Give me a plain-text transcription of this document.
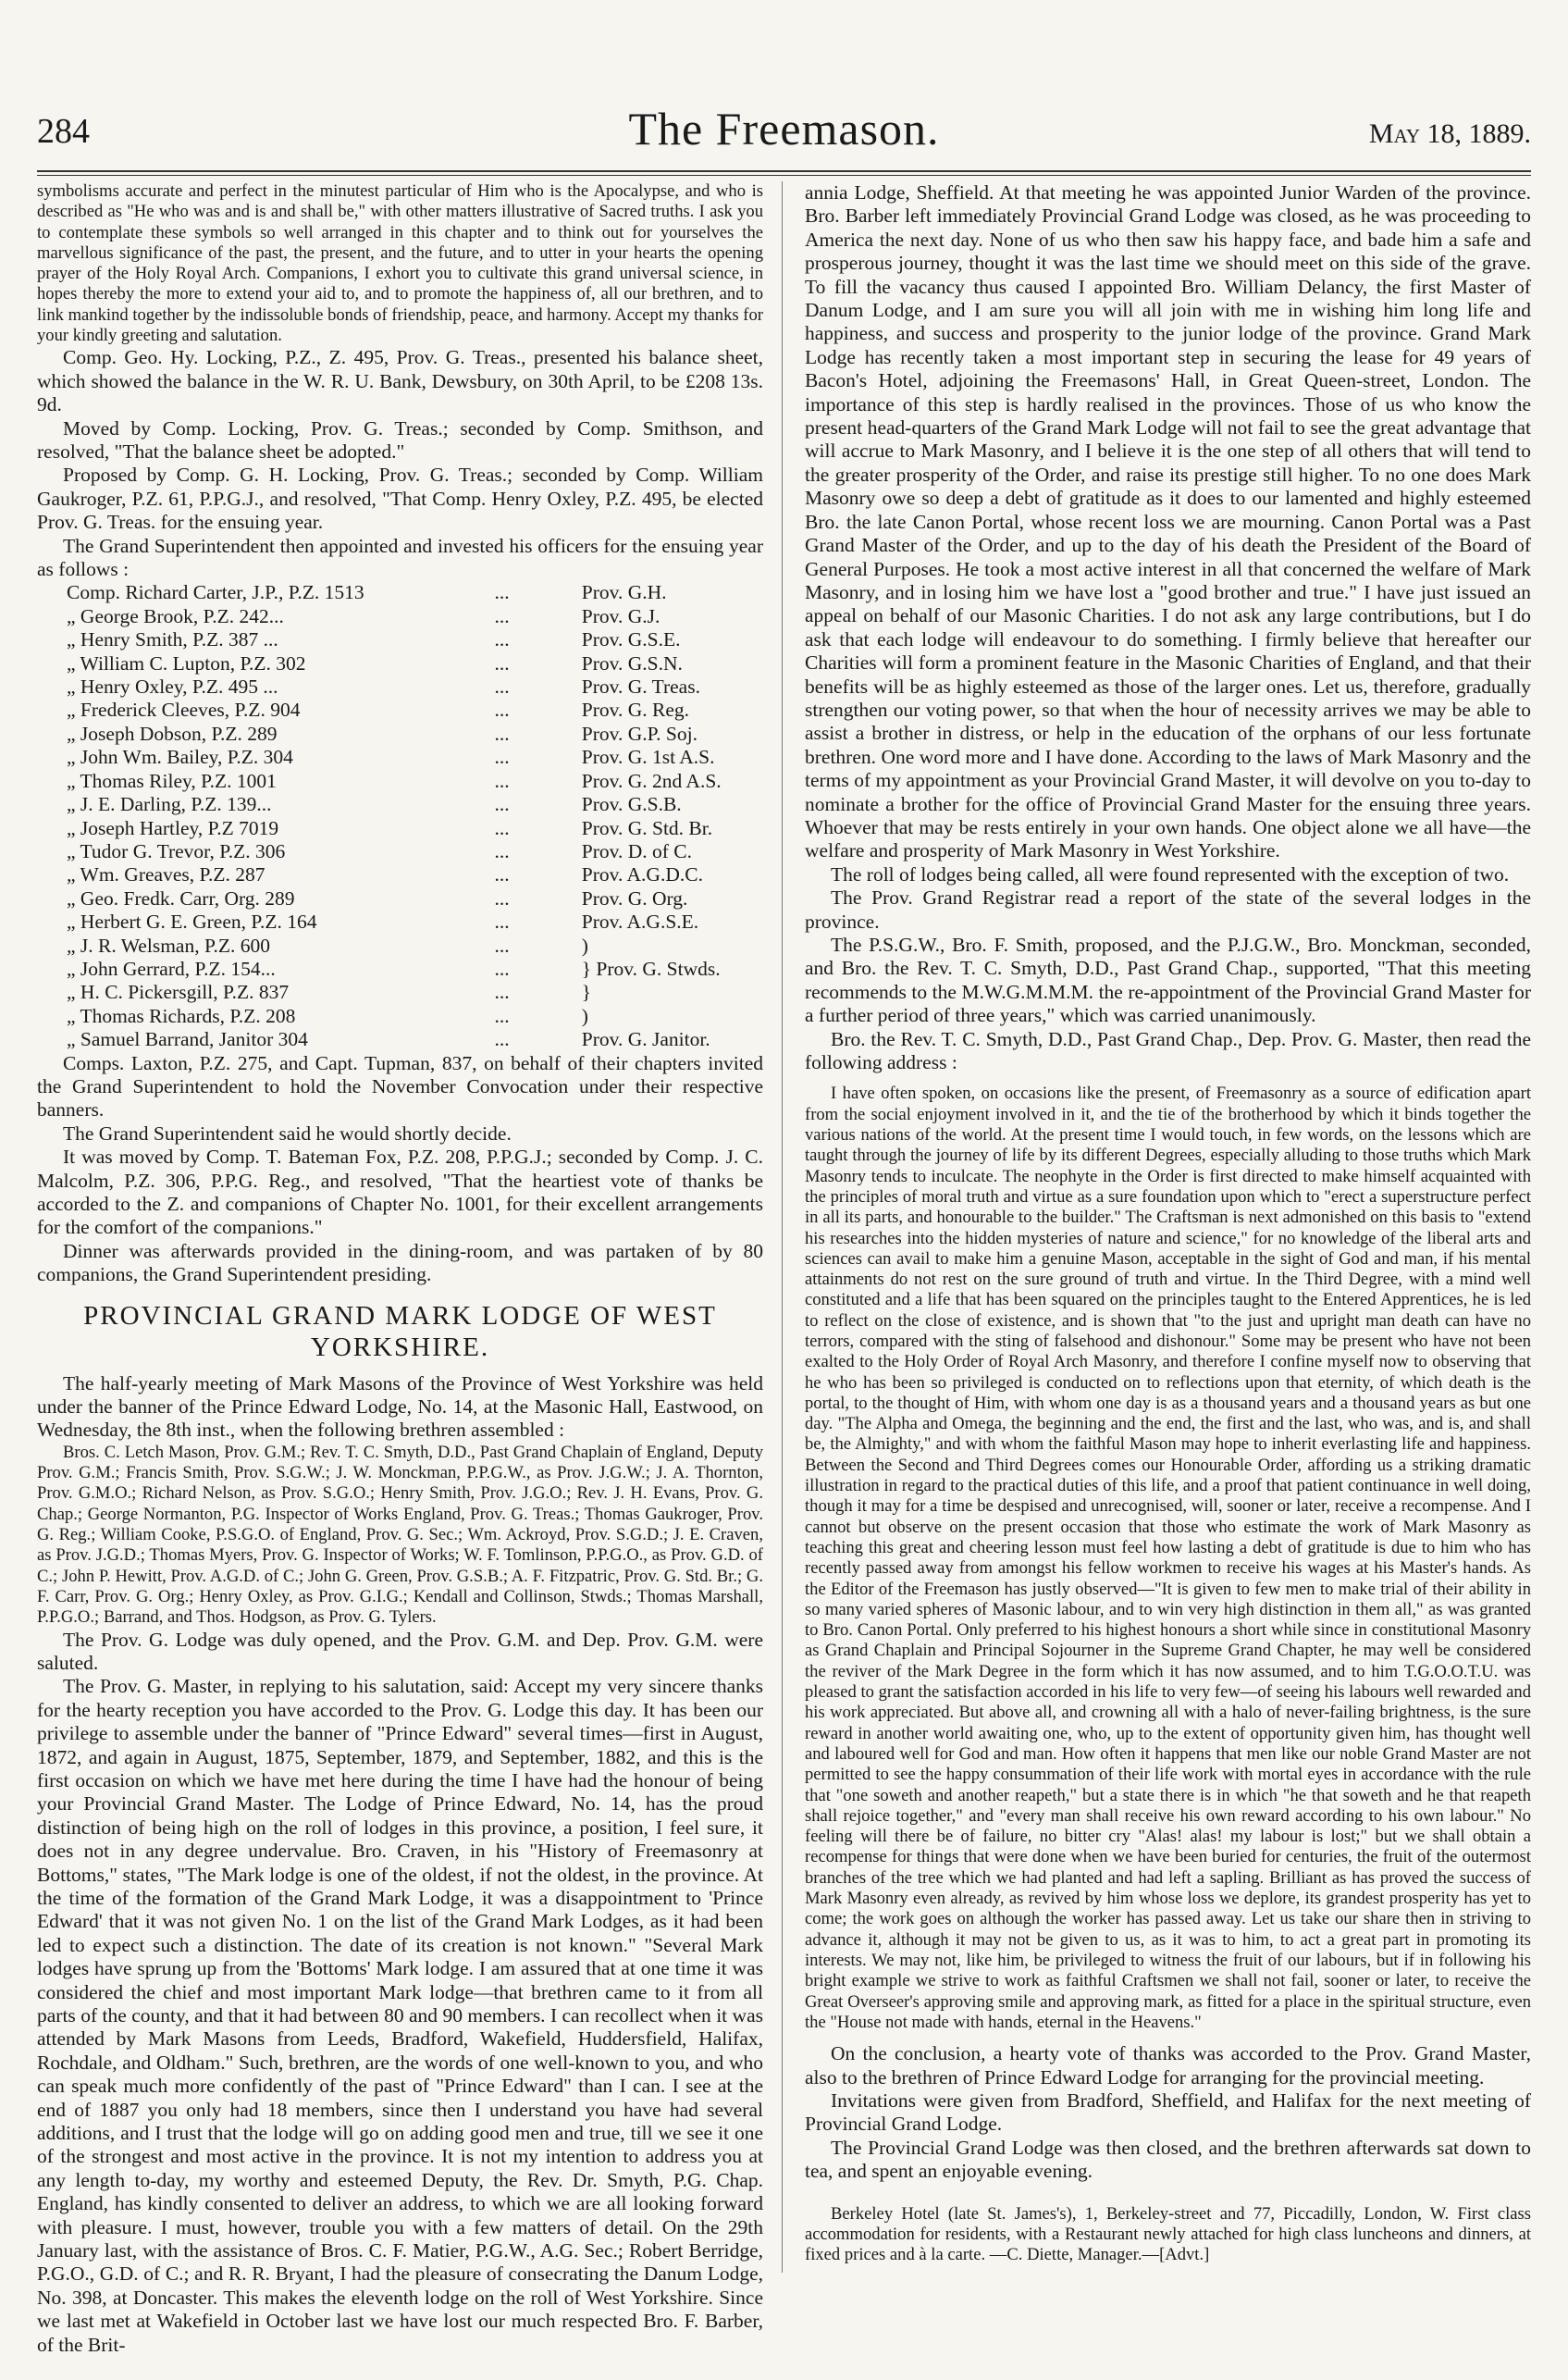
284	The Freemason.	May 18, 1889.

symbolisms accurate and perfect in the minutest particular of Him who is the Apocalypse, and who is described as "He who was and is and shall be," with other matters illustrative of Sacred truths. I ask you to contemplate these symbols so well arranged in this chapter and to think out for yourselves the marvellous significance of the past, the present, and the future, and to utter in your hearts the opening prayer of the Holy Royal Arch. Companions, I exhort you to cultivate this grand universal science, in hopes thereby the more to extend your aid to, and to promote the happiness of, all our brethren, and to link mankind together by the indissoluble bonds of friendship, peace, and harmony. Accept my thanks for your kindly greeting and salutation.

Comp. Geo. Hy. Locking, P.Z., Z. 495, Prov. G. Treas., presented his balance sheet, which showed the balance in the W. R. U. Bank, Dewsbury, on 30th April, to be £208 13s. 9d.

Moved by Comp. Locking, Prov. G. Treas.; seconded by Comp. Smithson, and resolved, "That the balance sheet be adopted."

Proposed by Comp. G. H. Locking, Prov. G. Treas.; seconded by Comp. William Gaukroger, P.Z. 61, P.P.G.J., and resolved, "That Comp. Henry Oxley, P.Z. 495, be elected Prov. G. Treas. for the ensuing year.

The Grand Superintendent then appointed and invested his officers for the ensuing year as follows :

Comp. Richard Carter, J.P., P.Z. 1513	...	Prov. G.H.
„ George Brook, P.Z. 242...	...	Prov. G.J.
„ Henry Smith, P.Z. 387 ...	...	Prov. G.S.E.
„ William C. Lupton, P.Z. 302	...	Prov. G.S.N.
„ Henry Oxley, P.Z. 495 ...	...	Prov. G. Treas.
„ Frederick Cleeves, P.Z. 904	...	Prov. G. Reg.
„ Joseph Dobson, P.Z. 289	...	Prov. G.P. Soj.
„ John Wm. Bailey, P.Z. 304	...	Prov. G. 1st A.S.
„ Thomas Riley, P.Z. 1001	...	Prov. G. 2nd A.S.
„ J. E. Darling, P.Z. 139...	...	Prov. G.S.B.
„ Joseph Hartley, P.Z 7019	...	Prov. G. Std. Br.
„ Tudor G. Trevor, P.Z. 306	...	Prov. D. of C.
„ Wm. Greaves, P.Z. 287	...	Prov. A.G.D.C.
„ Geo. Fredk. Carr, Org. 289	...	Prov. G. Org.
„ Herbert G. E. Green, P.Z. 164	...	Prov. A.G.S.E.
„ J. R. Welsman, P.Z. 600	...	)
„ John Gerrard, P.Z. 154...	...	} Prov. G. Stwds.
„ H. C. Pickersgill, P.Z. 837	...	}
„ Thomas Richards, P.Z. 208	...	)
„ Samuel Barrand, Janitor 304	...	Prov. G. Janitor.

Comps. Laxton, P.Z. 275, and Capt. Tupman, 837, on behalf of their chapters invited the Grand Superintendent to hold the November Convocation under their respective banners.

The Grand Superintendent said he would shortly decide.

It was moved by Comp. T. Bateman Fox, P.Z. 208, P.P.G.J.; seconded by Comp. J. C. Malcolm, P.Z. 306, P.P.G. Reg., and resolved, "That the heartiest vote of thanks be accorded to the Z. and companions of Chapter No. 1001, for their excellent arrangements for the comfort of the companions."

Dinner was afterwards provided in the dining-room, and was partaken of by 80 companions, the Grand Superintendent presiding.

PROVINCIAL GRAND MARK LODGE OF WEST YORKSHIRE.

The half-yearly meeting of Mark Masons of the Province of West Yorkshire was held under the banner of the Prince Edward Lodge, No. 14, at the Masonic Hall, Eastwood, on Wednesday, the 8th inst., when the following brethren assembled :

Bros. C. Letch Mason, Prov. G.M.; Rev. T. C. Smyth, D.D., Past Grand Chaplain of England, Deputy Prov. G.M.; Francis Smith, Prov. S.G.W.; J. W. Monckman, P.P.G.W., as Prov. J.G.W.; J. A. Thornton, Prov. G.M.O.; Richard Nelson, as Prov. S.G.O.; Henry Smith, Prov. J.G.O.; Rev. J. H. Evans, Prov. G. Chap.; George Normanton, P.G. Inspector of Works England, Prov. G. Treas.; Thomas Gaukroger, Prov. G. Reg.; William Cooke, P.S.G.O. of England, Prov. G. Sec.; Wm. Ackroyd, Prov. S.G.D.; J. E. Craven, as Prov. J.G.D.; Thomas Myers, Prov. G. Inspector of Works; W. F. Tomlinson, P.P.G.O., as Prov. G.D. of C.; John P. Hewitt, Prov. A.G.D. of C.; John G. Green, Prov. G.S.B.; A. F. Fitzpatric, Prov. G. Std. Br.; G. F. Carr, Prov. G. Org.; Henry Oxley, as Prov. G.I.G.; Kendall and Collinson, Stwds.; Thomas Marshall, P.P.G.O.; Barrand, and Thos. Hodgson, as Prov. G. Tylers.

The Prov. G. Lodge was duly opened, and the Prov. G.M. and Dep. Prov. G.M. were saluted.

The Prov. G. Master, in replying to his salutation, said: Accept my very sincere thanks for the hearty reception you have accorded to the Prov. G. Lodge this day. It has been our privilege to assemble under the banner of "Prince Edward" several times—first in August, 1872, and again in August, 1875, September, 1879, and September, 1882, and this is the first occasion on which we have met here during the time I have had the honour of being your Provincial Grand Master. The Lodge of Prince Edward, No. 14, has the proud distinction of being high on the roll of lodges in this province, a position, I feel sure, it does not in any degree undervalue. Bro. Craven, in his "History of Freemasonry at Bottoms," states, "The Mark lodge is one of the oldest, if not the oldest, in the province. At the time of the formation of the Grand Mark Lodge, it was a disappointment to 'Prince Edward' that it was not given No. 1 on the list of the Grand Mark Lodges, as it had been led to expect such a distinction. The date of its creation is not known." "Several Mark lodges have sprung up from the 'Bottoms' Mark lodge. I am assured that at one time it was considered the chief and most important Mark lodge—that brethren came to it from all parts of the county, and that it had between 80 and 90 members. I can recollect when it was attended by Mark Masons from Leeds, Bradford, Wakefield, Huddersfield, Halifax, Rochdale, and Oldham." Such, brethren, are the words of one well-known to you, and who can speak much more confidently of the past of "Prince Edward" than I can. I see at the end of 1887 you only had 18 members, since then I understand you have had several additions, and I trust that the lodge will go on adding good men and true, till we see it one of the strongest and most active in the province. It is not my intention to address you at any length to-day, my worthy and esteemed Deputy, the Rev. Dr. Smyth, P.G. Chap. England, has kindly consented to deliver an address, to which we are all looking forward with pleasure. I must, however, trouble you with a few matters of detail. On the 29th January last, with the assistance of Bros. C. F. Matier, P.G.W., A.G. Sec.; Robert Berridge, P.G.O., G.D. of C.; and R. R. Bryant, I had the pleasure of consecrating the Danum Lodge, No. 398, at Doncaster. This makes the eleventh lodge on the roll of West Yorkshire. Since we last met at Wakefield in October last we have lost our much respected Bro. F. Barber, of the Brit-

annia Lodge, Sheffield. At that meeting he was appointed Junior Warden of the province. Bro. Barber left immediately Provincial Grand Lodge was closed, as he was proceeding to America the next day. None of us who then saw his happy face, and bade him a safe and prosperous journey, thought it was the last time we should meet on this side of the grave. To fill the vacancy thus caused I appointed Bro. William Delancy, the first Master of Danum Lodge, and I am sure you will all join with me in wishing him long life and happiness, and success and prosperity to the junior lodge of the province. Grand Mark Lodge has recently taken a most important step in securing the lease for 49 years of Bacon's Hotel, adjoining the Freemasons' Hall, in Great Queen-street, London. The importance of this step is hardly realised in the provinces. Those of us who know the present head-quarters of the Grand Mark Lodge will not fail to see the great advantage that will accrue to Mark Masonry, and I believe it is the one step of all others that will tend to the greater prosperity of the Order, and raise its prestige still higher. To no one does Mark Masonry owe so deep a debt of gratitude as it does to our lamented and highly esteemed Bro. the late Canon Portal, whose recent loss we are mourning. Canon Portal was a Past Grand Master of the Order, and up to the day of his death the President of the Board of General Purposes. He took a most active interest in all that concerned the welfare of Mark Masonry, and in losing him we have lost a "good brother and true." I have just issued an appeal on behalf of our Masonic Charities. I do not ask any large contributions, but I do ask that each lodge will endeavour to do something. I firmly believe that hereafter our Charities will form a prominent feature in the Masonic Charities of England, and that their benefits will be as highly esteemed as those of the larger ones. Let us, therefore, gradually strengthen our voting power, so that when the hour of necessity arrives we may be able to assist a brother in distress, or help in the education of the orphans of our less fortunate brethren. One word more and I have done. According to the laws of Mark Masonry and the terms of my appointment as your Provincial Grand Master, it will devolve on you to-day to nominate a brother for the office of Provincial Grand Master for the ensuing three years. Whoever that may be rests entirely in your own hands. One object alone we all have—the welfare and prosperity of Mark Masonry in West Yorkshire.

The roll of lodges being called, all were found represented with the exception of two.

The Prov. Grand Registrar read a report of the state of the several lodges in the province.

The P.S.G.W., Bro. F. Smith, proposed, and the P.J.G.W., Bro. Monckman, seconded, and Bro. the Rev. T. C. Smyth, D.D., Past Grand Chap., supported, "That this meeting recommends to the M.W.G.M.M.M. the re-appointment of the Provincial Grand Master for a further period of three years," which was carried unanimously.

Bro. the Rev. T. C. Smyth, D.D., Past Grand Chap., Dep. Prov. G. Master, then read the following address :

I have often spoken, on occasions like the present, of Freemasonry as a source of edification apart from the social enjoyment involved in it, and the tie of the brotherhood by which it binds together the various nations of the world. At the present time I would touch, in few words, on the lessons which are taught through the journey of life by its different Degrees, especially alluding to those truths which Mark Masonry tends to inculcate. The neophyte in the Order is first directed to make himself acquainted with the principles of moral truth and virtue as a sure foundation upon which to "erect a superstructure perfect in all its parts, and honourable to the builder." The Craftsman is next admonished on this basis to "extend his researches into the hidden mysteries of nature and science," for no knowledge of the liberal arts and sciences can avail to make him a genuine Mason, acceptable in the sight of God and man, if his mental attainments do not rest on the sure ground of truth and virtue. In the Third Degree, with a mind well constituted and a life that has been squared on the principles taught to the Entered Apprentices, he is led to reflect on the close of existence, and is shown that "to the just and upright man death can have no terrors, compared with the sting of falsehood and dishonour." Some may be present who have not been exalted to the Holy Order of Royal Arch Masonry, and therefore I confine myself now to observing that he who has been so privileged is conducted on to reflections upon that eternity, of which death is the portal, to the thought of Him, with whom one day is as a thousand years and a thousand years as but one day. "The Alpha and Omega, the beginning and the end, the first and the last, who was, and is, and shall be, the Almighty," and with whom the faithful Mason may hope to inherit everlasting life and happiness. Between the Second and Third Degrees comes our Honourable Order, affording us a striking dramatic illustration in regard to the practical duties of this life, and a proof that patient continuance in well doing, though it may for a time be despised and unrecognised, will, sooner or later, receive a recompense. And I cannot but observe on the present occasion that those who estimate the work of Mark Masonry as teaching this great and cheering lesson must feel how lasting a debt of gratitude is due to him who has recently passed away from amongst his fellow workmen to receive his wages at his Master's hands. As the Editor of the Freemason has justly observed—"It is given to few men to make trial of their ability in so many varied spheres of Masonic labour, and to win very high distinction in them all," as was granted to Bro. Canon Portal. Only preferred to his highest honours a short while since in constitutional Masonry as Grand Chaplain and Principal Sojourner in the Supreme Grand Chapter, he may well be considered the reviver of the Mark Degree in the form which it has now assumed, and to him T.G.O.O.T.U. was pleased to grant the satisfaction accorded in his life to very few—of seeing his labours well rewarded and his work appreciated. But above all, and crowning all with a halo of never-failing brightness, is the sure reward in another world awaiting one, who, up to the extent of opportunity given him, has thought well and laboured well for God and man. How often it happens that men like our noble Grand Master are not permitted to see the happy consummation of their life work with mortal eyes in accordance with the rule that "one soweth and another reapeth," but a state there is in which "he that soweth and he that reapeth shall rejoice together," and "every man shall receive his own reward according to his own labour." No feeling will there be of failure, no bitter cry "Alas! alas! my labour is lost;" but we shall obtain a recompense for things that were done when we have been buried for centuries, the fruit of the outermost branches of the tree which we had planted and had left a sapling. Brilliant as has proved the success of Mark Masonry even already, as revived by him whose loss we deplore, its grandest prosperity has yet to come; the work goes on although the worker has passed away. Let us take our share then in striving to advance it, although it may not be given to us, as it was to him, to act a great part in promoting its interests. We may not, like him, be privileged to witness the fruit of our labours, but if in following his bright example we strive to work as faithful Craftsmen we shall not fail, sooner or later, to receive the Great Overseer's approving smile and approving mark, as fitted for a place in the spiritual structure, even the "House not made with hands, eternal in the Heavens."

On the conclusion, a hearty vote of thanks was accorded to the Prov. Grand Master, also to the brethren of Prince Edward Lodge for arranging for the provincial meeting.

Invitations were given from Bradford, Sheffield, and Halifax for the next meeting of Provincial Grand Lodge.

The Provincial Grand Lodge was then closed, and the brethren afterwards sat down to tea, and spent an enjoyable evening.

Berkeley Hotel (late St. James's), 1, Berkeley-street and 77, Piccadilly, London, W. First class accommodation for residents, with a Restaurant newly attached for high class luncheons and dinners, at fixed prices and à la carte. —C. Diette, Manager.—[Advt.]
